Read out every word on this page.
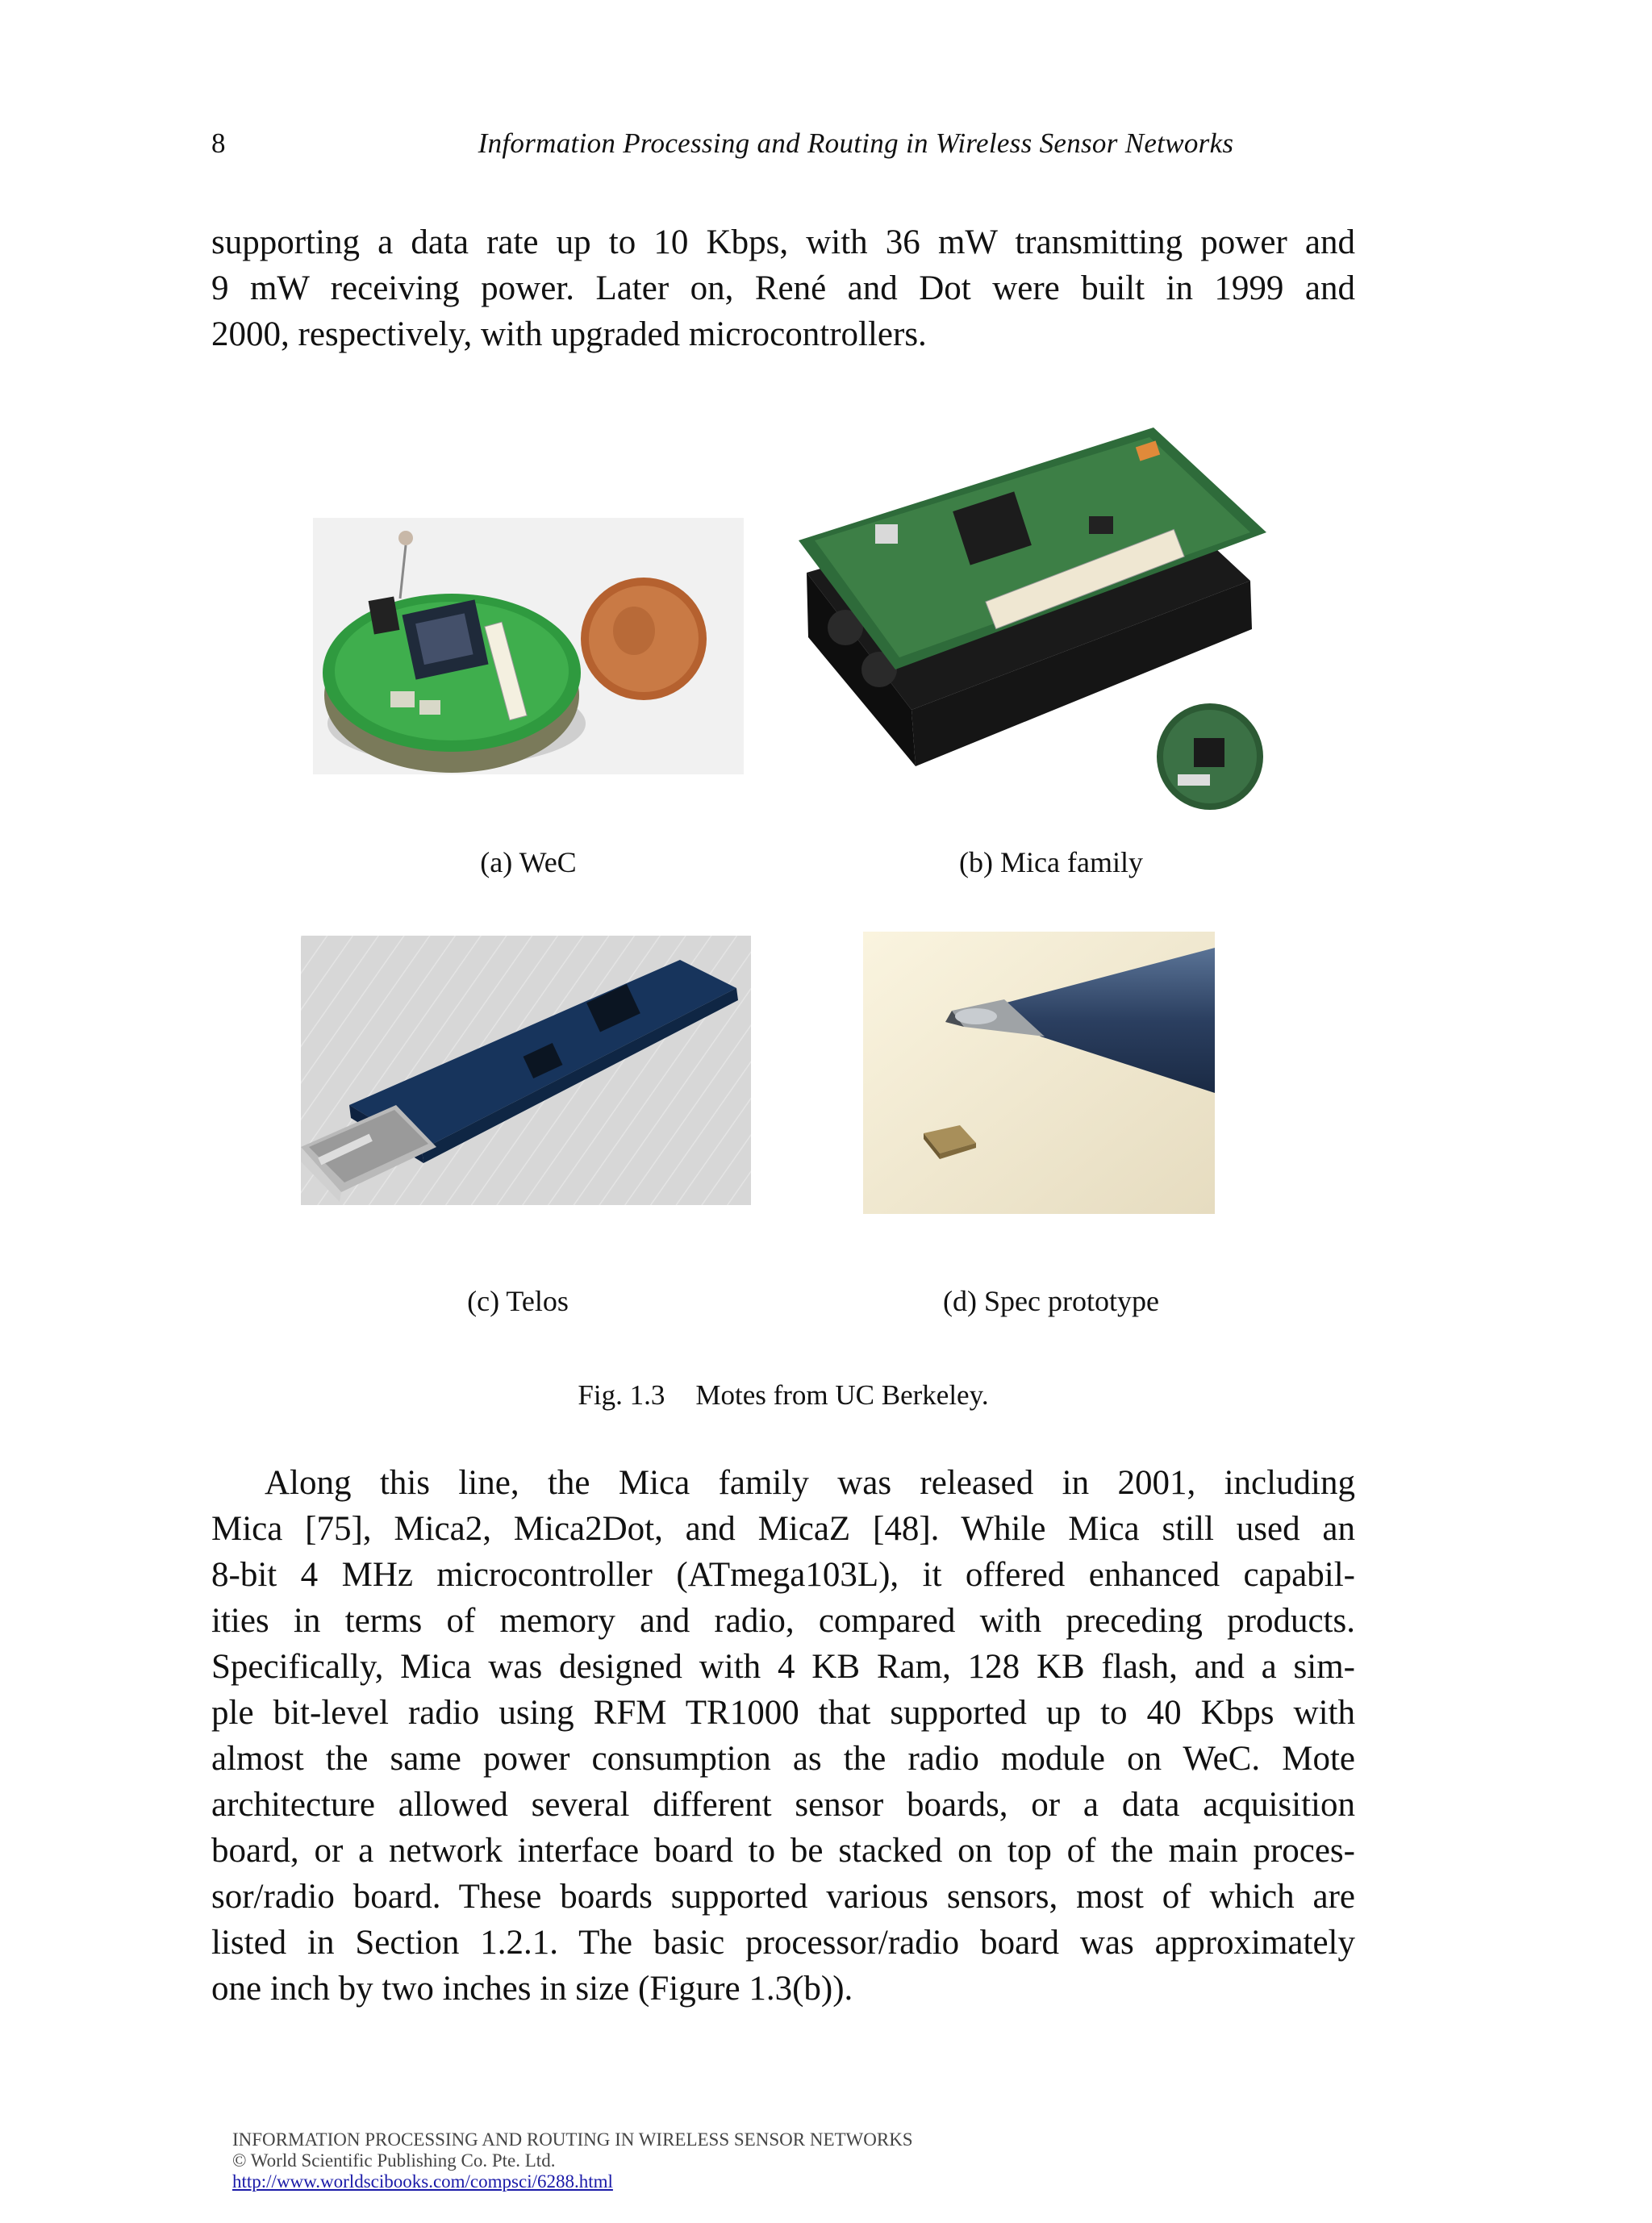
8	Information Processing and Routing in Wireless Sensor Networks
supporting a data rate up to 10 Kbps, with 36 mW transmitting power and
9 mW receiving power. Later on, René and Dot were built in 1999 and
2000, respectively, with upgraded microcontrollers.
(a) WeC	(b) Mica family
(c) Telos	(d) Spec prototype
Fig. 1.3 Motes from UC Berkeley.
Along this line, the Mica family was released in 2001, including
Mica [75], Mica2, Mica2Dot, and MicaZ [48]. While Mica still used an
8-bit 4 MHz microcontroller (ATmega103L), it offered enhanced capabil-
ities in terms of memory and radio, compared with preceding products.
Specifically, Mica was designed with 4 KB Ram, 128 KB flash, and a sim-
ple bit-level radio using RFM TR1000 that supported up to 40 Kbps with
almost the same power consumption as the radio module on WeC. Mote
architecture allowed several different sensor boards, or a data acquisition
board, or a network interface board to be stacked on top of the main proces-
sor/radio board. These boards supported various sensors, most of which are
listed in Section 1.2.1. The basic processor/radio board was approximately
one inch by two inches in size (Figure 1.3(b)).
INFORMATION PROCESSING AND ROUTING IN WIRELESS SENSOR NETWORKS
© World Scientific Publishing Co. Pte. Ltd.
http://www.worldscibooks.com/compsci/6288.html
